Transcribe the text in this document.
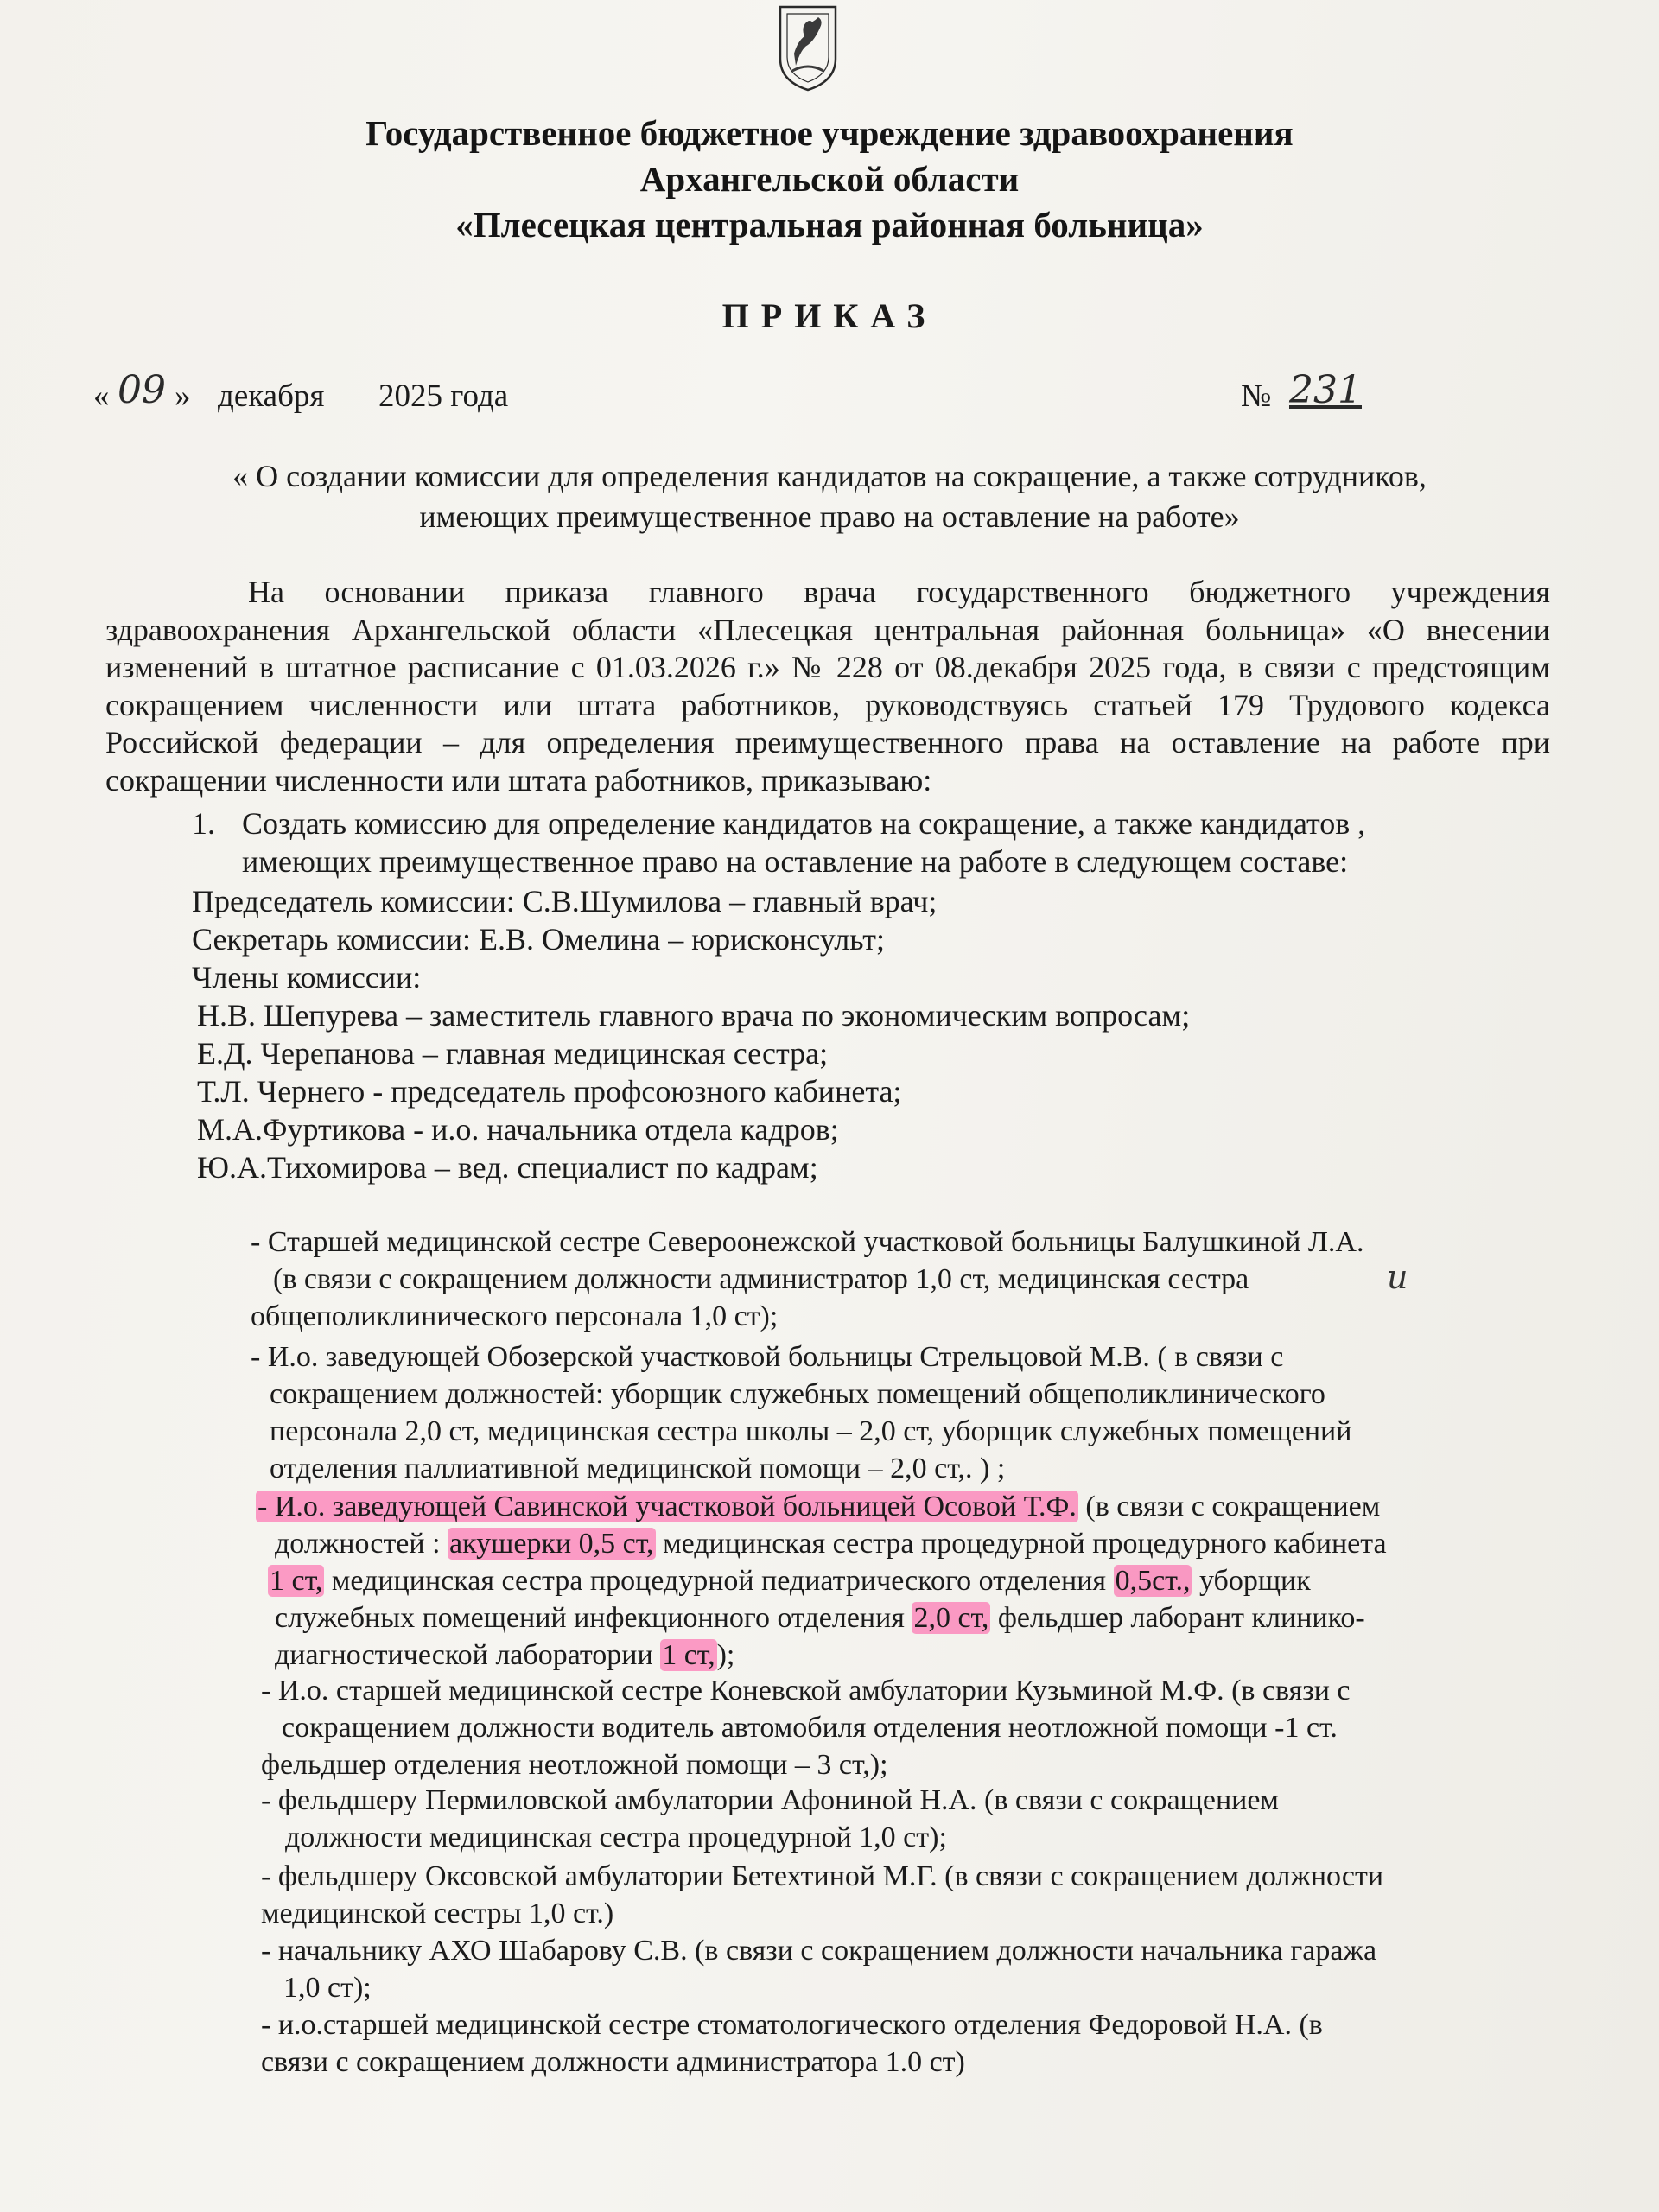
Государственное бюджетное учреждение здравоохранения
Архангельской области
«Плесецкая центральная районная больница»
ПРИКАЗ
« 09 » декабря 2025 года	№ 231
« О создании комиссии для определения кандидатов на сокращение, а также сотрудников,
имеющих преимущественное право на оставление на работе»
На основании приказа главного врача государственного бюджетного учреждения здравоохранения Архангельской области «Плесецкая центральная районная больница» «О внесении изменений в штатное расписание с 01.03.2026 г.» № 228 от 08.декабря 2025 года, в связи с предстоящим сокращением численности или штата работников, руководствуясь статьей 179 Трудового кодекса Российской федерации – для определения преимущественного права на оставление на работе при сокращении численности или штата работников, приказываю:
1. Создать комиссию для определение кандидатов на сокращение, а также кандидатов ,
имеющих преимущественное право на оставление на работе в следующем составе:
Председатель комиссии: С.В.Шумилова – главный врач;
Секретарь комиссии: Е.В. Омелина – юрисконсульт;
Члены комиссии:
Н.В. Шепурева – заместитель главного врача по экономическим вопросам;
Е.Д. Черепанова – главная медицинская сестра;
Т.Л. Чернего - председатель профсоюзного кабинета;
М.А.Фуртикова - и.о. начальника отдела кадров;
Ю.А.Тихомирова – вед. специалист по кадрам;
- Старшей медицинской сестре Североонежской участковой больницы Балушкиной Л.А.
(в связи с сокращением должности администратор 1,0 ст, медицинская сестра
общеполиклинического персонала 1,0 ст);
и
- И.о. заведующей Обозерской участковой больницы Стрельцовой М.В. ( в связи с
сокращением должностей: уборщик служебных помещений общеполиклинического
персонала 2,0 ст, медицинская сестра школы – 2,0 ст, уборщик служебных помещений
отделения паллиативной медицинской помощи – 2,0 ст,. ) ;
- И.о. заведующей Савинской участковой больницей Осовой Т.Ф. (в связи с сокращением
должностей : акушерки 0,5 ст, медицинская сестра процедурной процедурного кабинета
1 ст, медицинская сестра процедурной педиатрического отделения 0,5ст., уборщик
служебных помещений инфекционного отделения 2,0 ст, фельдшер лаборант клинико-
диагностической лаборатории 1 ст,);
- И.о. старшей медицинской сестре Коневской амбулатории Кузьминой М.Ф. (в связи с
сокращением должности водитель автомобиля отделения неотложной помощи -1 ст.
фельдшер отделения неотложной помощи – 3 ст,);
- фельдшеру Пермиловской амбулатории Афониной Н.А. (в связи с сокращением
должности медицинская сестра процедурной 1,0 ст);
- фельдшеру Оксовской амбулатории Бетехтиной М.Г. (в связи с сокращением должности
медицинской сестры 1,0 ст.)
- начальнику АХО Шабарову С.В. (в связи с сокращением должности начальника гаража
1,0 ст);
- и.о.старшей медицинской сестре стоматологического отделения Федоровой Н.А. (в
связи с сокращением должности администратора 1.0 ст)
